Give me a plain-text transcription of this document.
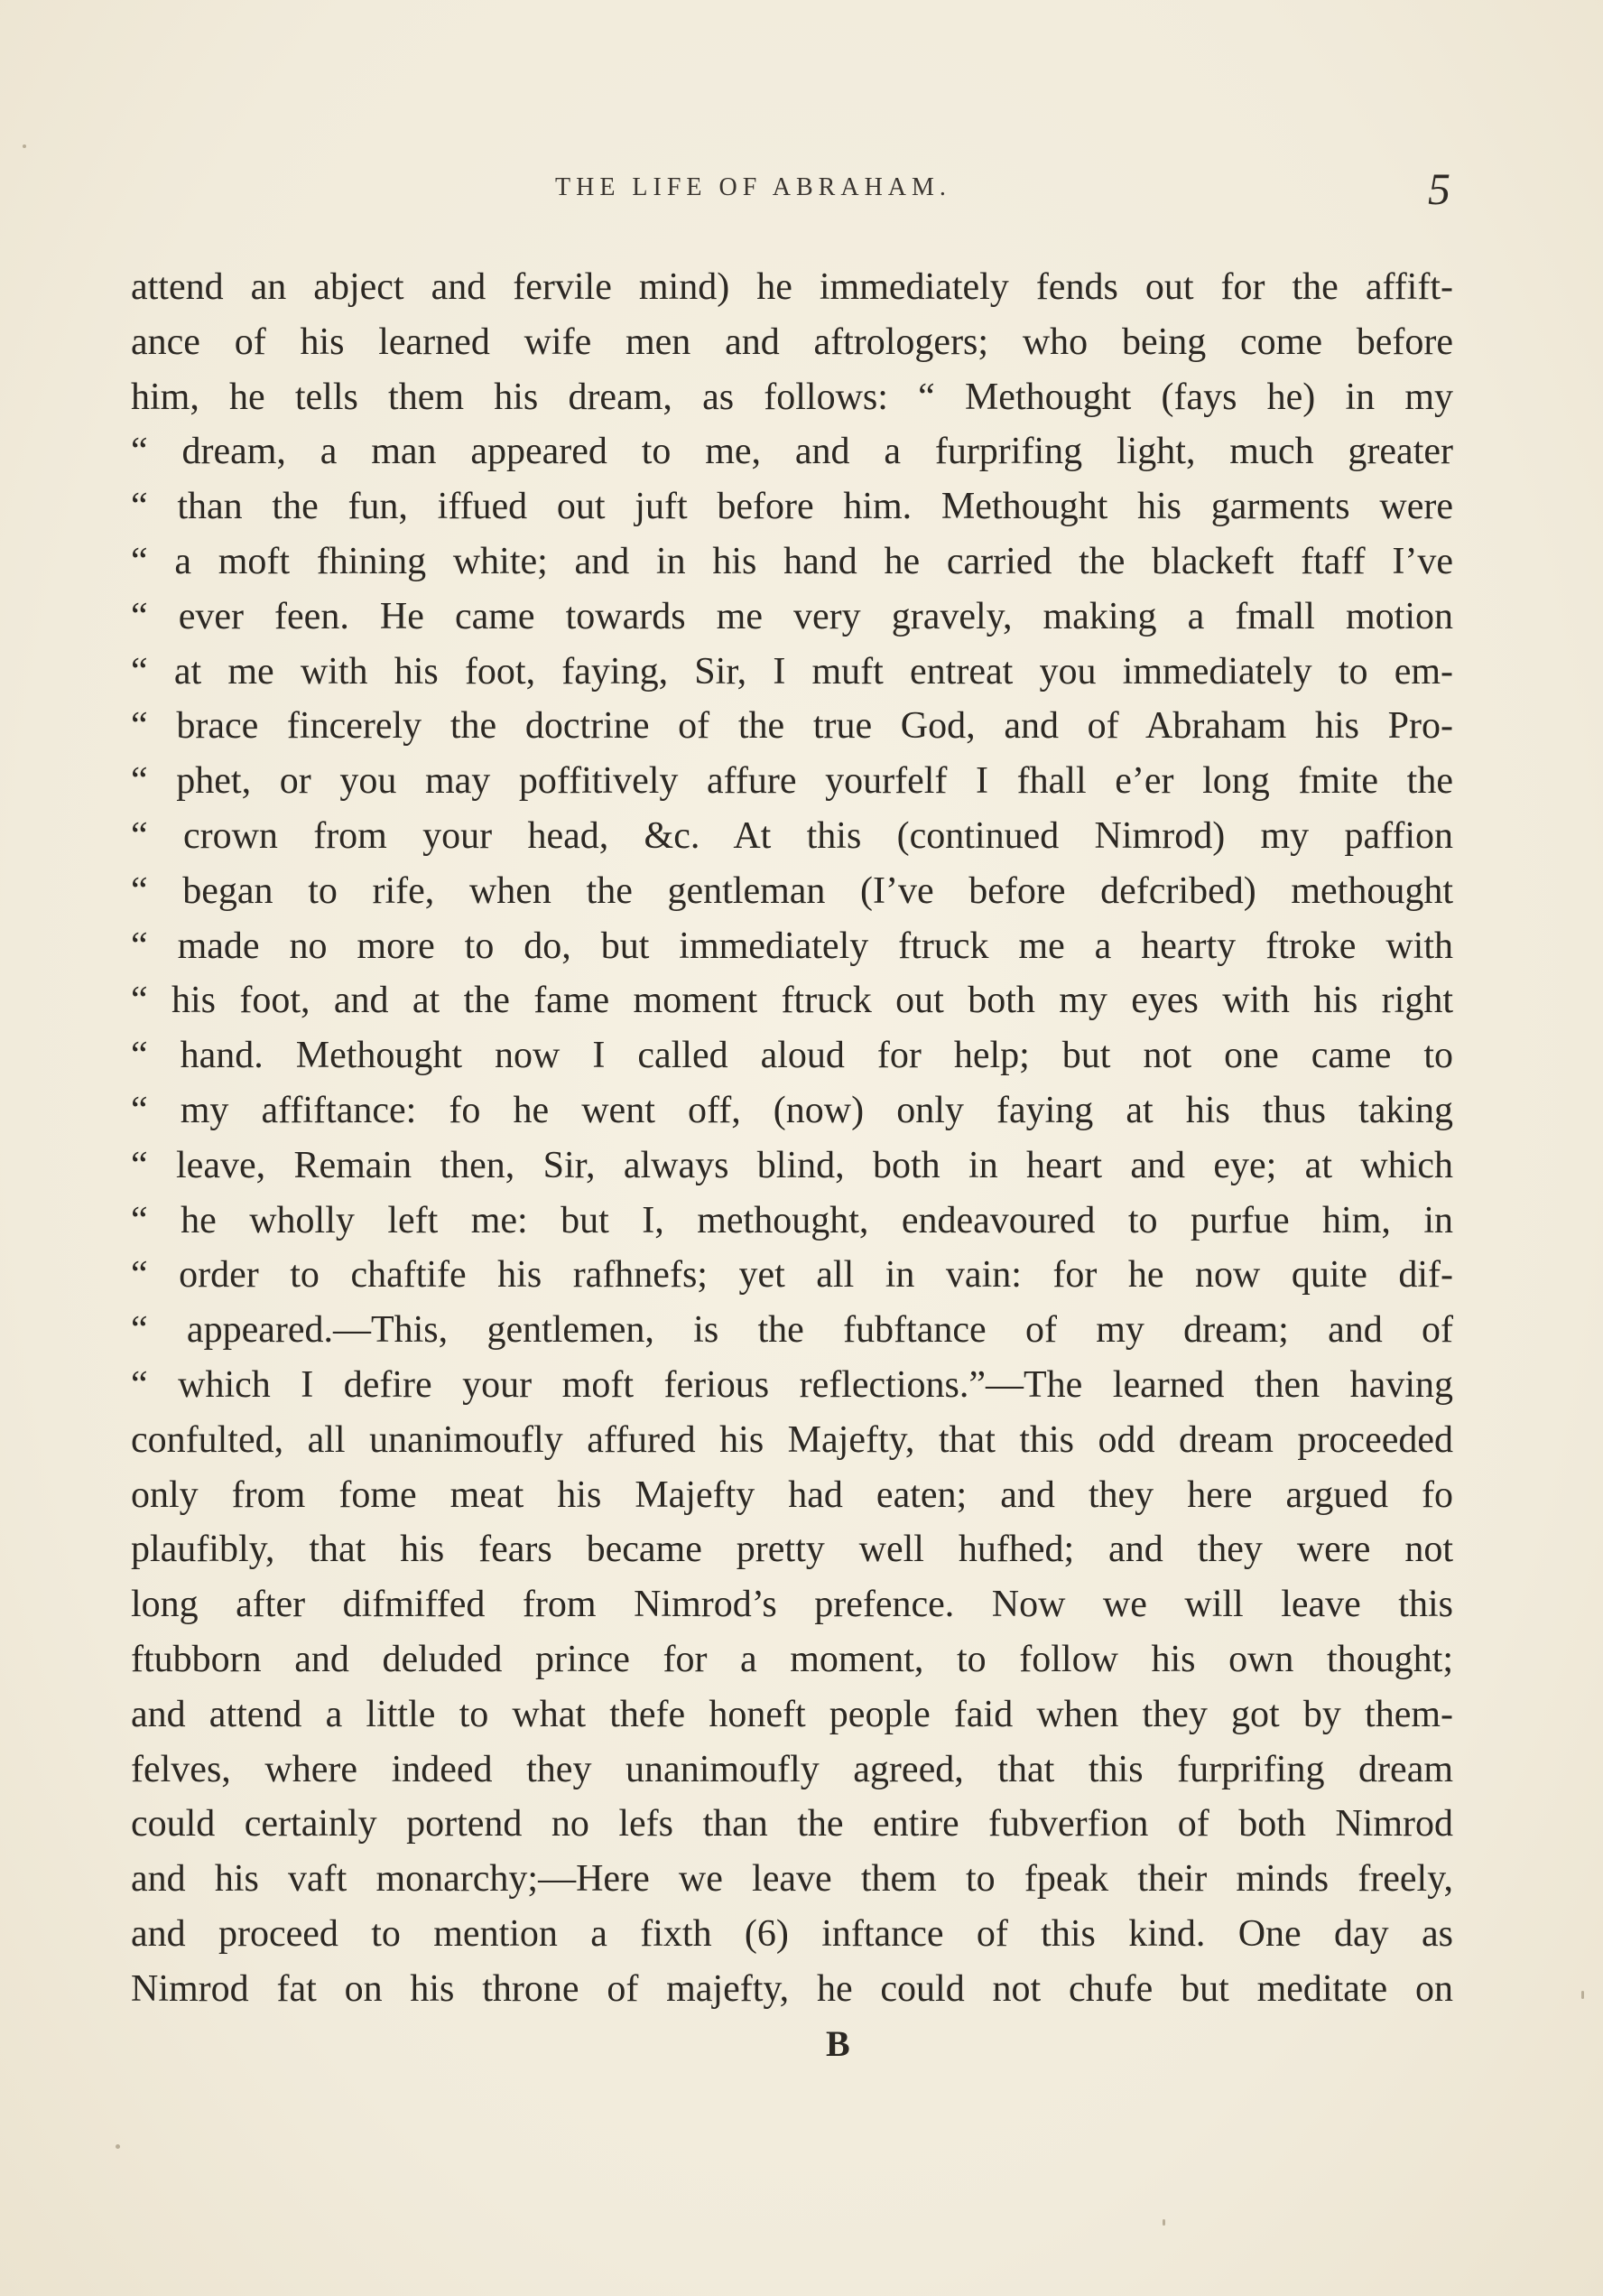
THE LIFE OF ABRAHAM.	5
attend an abject and fervile mind) he immediately fends out for the affift-
ance of his learned wife men and aftrologers; who being come before
him, he tells them his dream, as follows: “ Methought (fays he) in my
“ dream, a man appeared to me, and a furprifing light, much greater
“ than the fun, iffued out juft before him. Methought his garments were
“ a moft fhining white; and in his hand he carried the blackeft ftaff I’ve
“ ever feen. He came towards me very gravely, making a fmall motion
“ at me with his foot, faying, Sir, I muft entreat you immediately to em-
“ brace fincerely the doctrine of the true God, and of Abraham his Pro-
“ phet, or you may poffitively affure yourfelf I fhall e’er long fmite the
“ crown from your head, &c. At this (continued Nimrod) my paffion
“ began to rife, when the gentleman (I’ve before defcribed) methought
“ made no more to do, but immediately ftruck me a hearty ftroke with
“ his foot, and at the fame moment ftruck out both my eyes with his right
“ hand. Methought now I called aloud for help; but not one came to
“ my affiftance: fo he went off, (now) only faying at his thus taking
“ leave, Remain then, Sir, always blind, both in heart and eye; at which
“ he wholly left me: but I, methought, endeavoured to purfue him, in
“ order to chaftife his rafhnefs; yet all in vain: for he now quite dif-
“ appeared.—This, gentlemen, is the fubftance of my dream; and of
“ which I defire your moft ferious reflections.”—The learned then having
confulted, all unanimoufly affured his Majefty, that this odd dream proceeded
only from fome meat his Majefty had eaten; and they here argued fo
plaufibly, that his fears became pretty well hufhed; and they were not
long after difmiffed from Nimrod’s prefence. Now we will leave this
ftubborn and deluded prince for a moment, to follow his own thought;
and attend a little to what thefe honeft people faid when they got by them-
felves, where indeed they unanimoufly agreed, that this furprifing dream
could certainly portend no lefs than the entire fubverfion of both Nimrod
and his vaft monarchy;—Here we leave them to fpeak their minds freely,
and proceed to mention a fixth (6) inftance of this kind. One day as
Nimrod fat on his throne of majefty, he could not chufe but meditate on
B
